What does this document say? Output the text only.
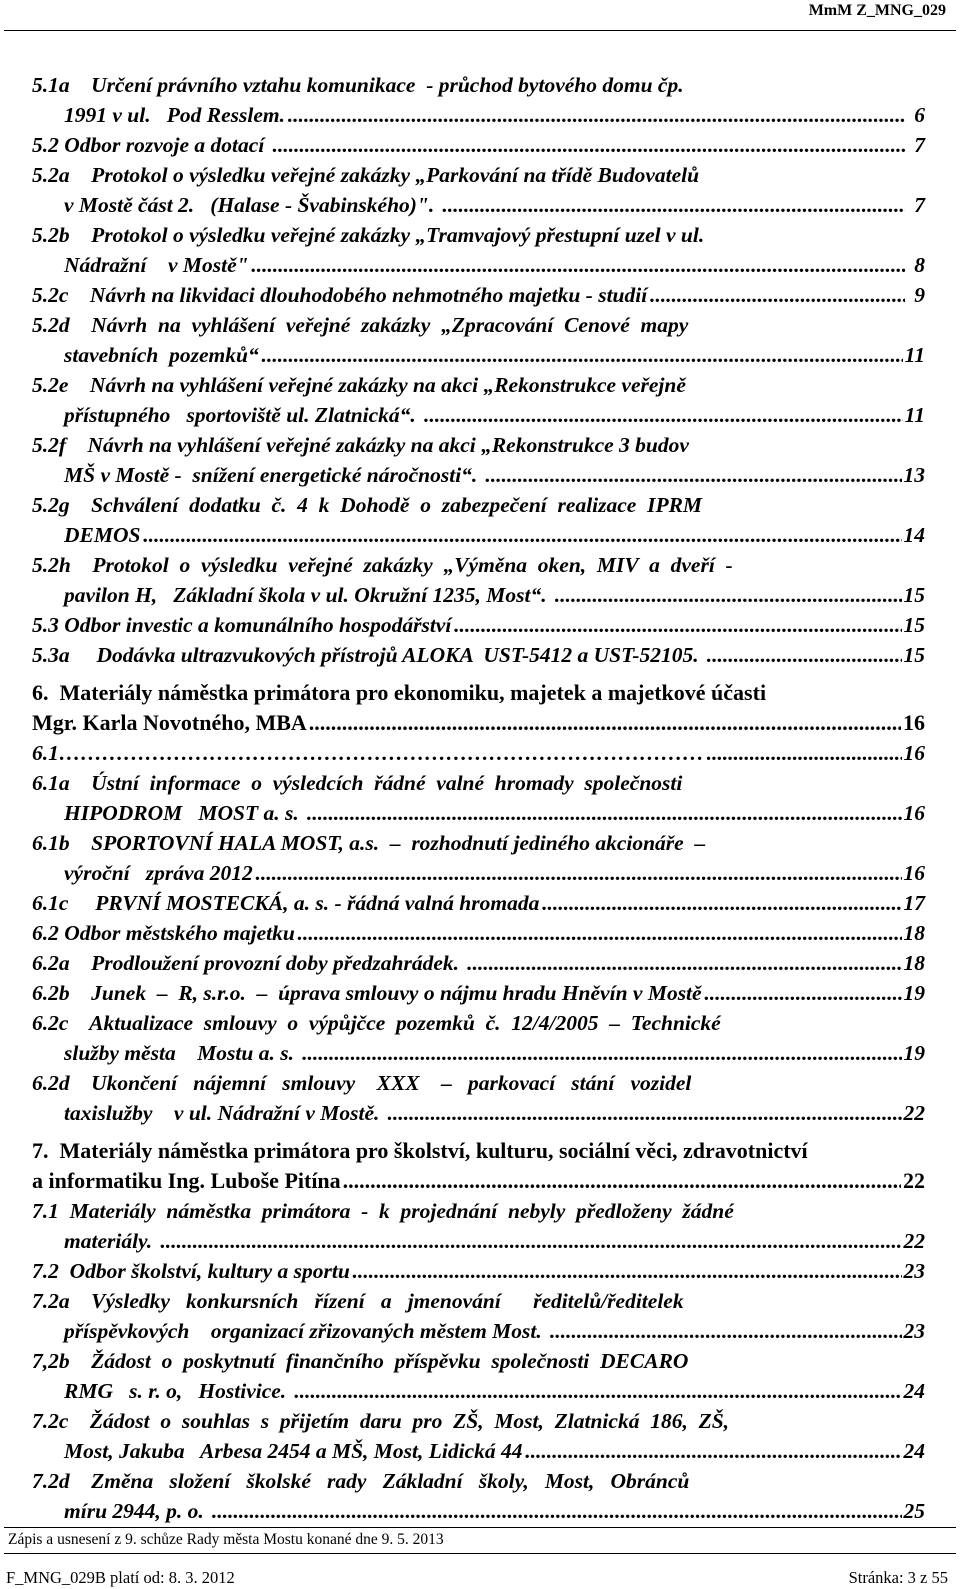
MmM Z_MNG_029
5.1a    Určení právního vztahu komunikace  - průchod bytového domu čp.
1991 v ul.   Pod Resslem. .....	6
5.2 Odbor rozvoje a dotací .....	7
5.2a    Protokol o výsledku veřejné zakázky „Parkování na třídě Budovatelů
v Mostě část 2.   (Halase - Švabinského)". .....	7
5.2b    Protokol o výsledku veřejné zakázky „Tramvajový přestupní uzel v ul.
Nádražní    v Mostě" .....	8
5.2c    Návrh na likvidaci dlouhodobého nehmotného majetku - studií .....	9
5.2d    Návrh  na  vyhlášení  veřejné  zakázky  „Zpracování  Cenové  mapy
stavebních  pozemků“ .....	11
5.2e    Návrh na vyhlášení veřejné zakázky na akci „Rekonstrukce veřejně
přístupného   sportoviště ul. Zlatnická“. .....	11
5.2f    Návrh na vyhlášení veřejné zakázky na akci „Rekonstrukce 3 budov
MŠ v Mostě -  snížení energetické náročnosti“. .....	13
5.2g    Schválení  dodatku  č.  4  k  Dohodě  o  zabezpečení  realizace  IPRM
DEMOS .....	14
5.2h    Protokol  o  výsledku  veřejné  zakázky  „Výměna  oken,  MIV  a  dveří  -
pavilon H,   Základní škola v ul. Okružní 1235, Most“. .....	15
5.3 Odbor investic a komunálního hospodářství .....	15
5.3a     Dodávka ultrazvukových přístrojů ALOKA  UST-5412 a UST-52105. .....	15
6.  Materiály náměstka primátora pro ekonomiku, majetek a majetkové účasti
Mgr. Karla Novotného, MBA .....	16
6.1……………………………………………………………………………… .....	16
6.1a    Ústní  informace  o  výsledcích  řádné  valné  hromady  společnosti
HIPODROM   MOST a. s. .....	16
6.1b    SPORTOVNÍ HALA MOST, a.s.  –  rozhodnutí jediného akcionáře  –
výroční   zpráva 2012 .....	16
6.1c     PRVNÍ MOSTECKÁ, a. s. - řádná valná hromada .....	17
6.2 Odbor městského majetku .....	18
6.2a    Prodloužení provozní doby předzahrádek. .....	18
6.2b    Junek  –  R, s.r.o.  –  úprava smlouvy o nájmu hradu Hněvín v Mostě .....	19
6.2c    Aktualizace  smlouvy  o  výpůjčce  pozemků  č.  12/4/2005  –  Technické
služby města    Mostu a. s. .....	19
6.2d    Ukončení   nájemní   smlouvy    XXX    –   parkovací   stání   vozidel
taxislužby    v ul. Nádražní v Mostě. .....	22
7.  Materiály náměstka primátora pro školství, kulturu, sociální věci, zdravotnictví
a informatiku Ing. Luboše Pitína .....	22
7.1  Materiály  náměstka  primátora  -  k  projednání  nebyly  předloženy  žádné
materiály. .....	22
7.2  Odbor školství, kultury a sportu .....	23
7.2a    Výsledky   konkursních   řízení   a   jmenování      ředitelů/ředitelek
příspěvkových    organizací zřizovaných městem Most. .....	23
7,2b    Žádost  o  poskytnutí  finančního  příspěvku  společnosti  DECARO
RMG   s. r. o,   Hostivice. .....	24
7.2c    Žádost  o  souhlas  s  přijetím  daru  pro  ZŠ,  Most,  Zlatnická  186,  ZŠ,
Most, Jakuba   Arbesa 2454 a MŠ, Most, Lidická 44 .....	24
7.2d    Změna   složení   školské   rady   Základní   školy,   Most,   Obránců
míru 2944, p. o. .....	25
Zápis a usnesení z 9. schůze Rady města Mostu konané dne 9. 5. 2013
F_MNG_029B platí od: 8. 3. 2012	Stránka: 3 z 55
